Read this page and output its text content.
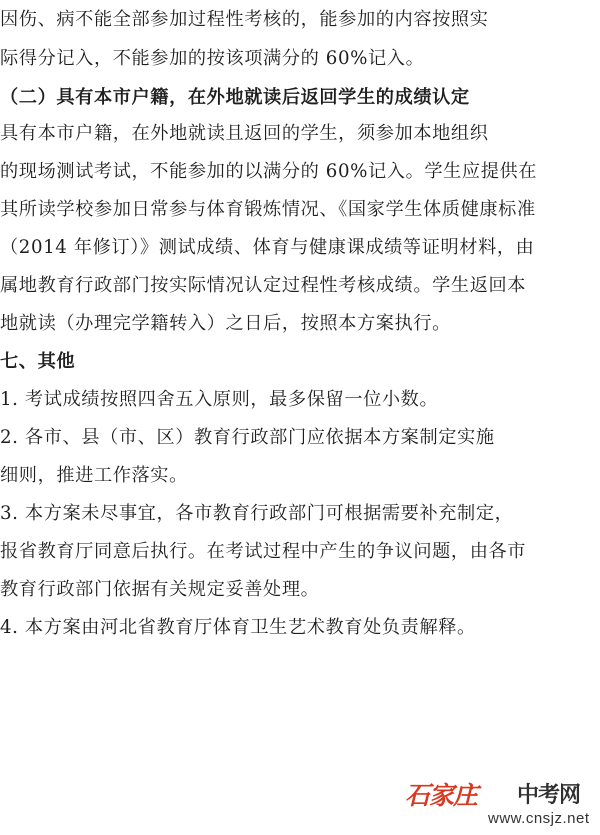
因伤、病不能全部参加过程性考核的，能参加的内容按照实
际得分记入，不能参加的按该项满分的 60%记入。
（二）具有本市户籍，在外地就读后返回学生的成绩认定
具有本市户籍，在外地就读且返回的学生，须参加本地组织
的现场测试考试，不能参加的以满分的 60%记入。学生应提供在
其所读学校参加日常参与体育锻炼情况、《国家学生体质健康标准
（2014 年修订）》测试成绩、体育与健康课成绩等证明材料，由
属地教育行政部门按实际情况认定过程性考核成绩。学生返回本
地就读（办理完学籍转入）之日后，按照本方案执行。
七、其他
1. 考试成绩按照四舍五入原则，最多保留一位小数。
2. 各市、县（市、区）教育行政部门应依据本方案制定实施
细则，推进工作落实。
3. 本方案未尽事宜，各市教育行政部门可根据需要补充制定，
报省教育厅同意后执行。在考试过程中产生的争议问题，由各市
教育行政部门依据有关规定妥善处理。
4. 本方案由河北省教育厅体育卫生艺术教育处负责解释。
石家庄 中考网
www.cnsjz.net
